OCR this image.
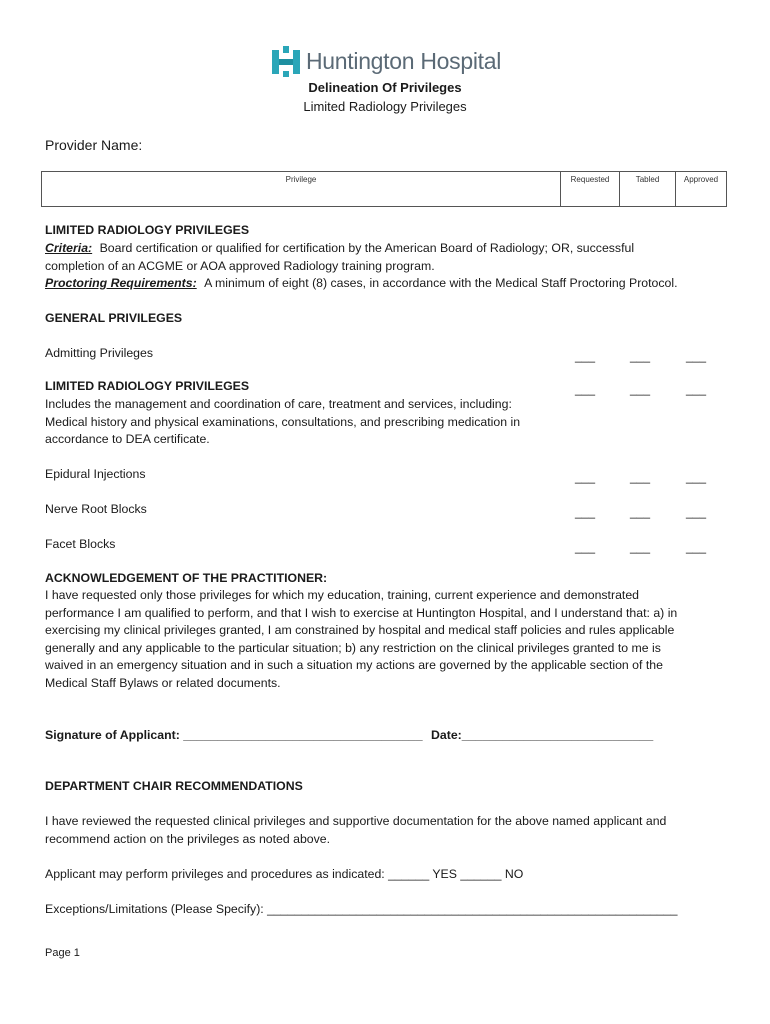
Huntington Hospital
Delineation Of Privileges
Limited Radiology Privileges
Provider Name:
Privilege	Requested	Tabled	Approved
LIMITED RADIOLOGY PRIVILEGES
Criteria: Board certification or qualified for certification by the American Board of Radiology; OR, successful
completion of an ACGME or AOA approved Radiology training program.
Proctoring Requirements: A minimum of eight (8) cases, in accordance with the Medical Staff Proctoring Protocol.
GENERAL PRIVILEGES
Admitting Privileges	___	___	___
LIMITED RADIOLOGY PRIVILEGES	___	___	___
Includes the management and coordination of care, treatment and services, including:
Medical history and physical examinations, consultations, and prescribing medication in
accordance to DEA certificate.
Epidural Injections	___	___	___
Nerve Root Blocks	___	___	___
Facet Blocks	___	___	___
ACKNOWLEDGEMENT OF THE PRACTITIONER:
I have requested only those privileges for which my education, training, current experience and demonstrated
performance I am qualified to perform, and that I wish to exercise at Huntington Hospital, and I understand that: a) in
exercising my clinical privileges granted, I am constrained by hospital and medical staff policies and rules applicable
generally and any applicable to the particular situation; b) any restriction on the clinical privileges granted to me is
waived in an emergency situation and in such a situation my actions are governed by the applicable section of the
Medical Staff Bylaws or related documents.
Signature of Applicant: ___________________________________ Date:____________________________
DEPARTMENT CHAIR RECOMMENDATIONS
I have reviewed the requested clinical privileges and supportive documentation for the above named applicant and
recommend action on the privileges as noted above.
Applicant may perform privileges and procedures as indicated: ______ YES ______ NO
Exceptions/Limitations (Please Specify): ____________________________________________________________
Page 1
